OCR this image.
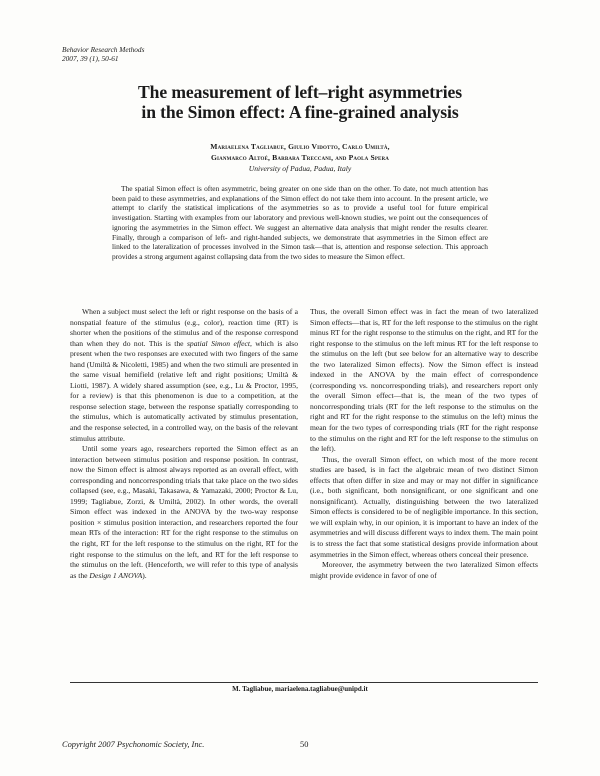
Behavior Research Methods
2007, 39 (1), 50-61
The measurement of left–right asymmetries
in the Simon effect: A fine-grained analysis
Mariaelena Tagliabue, Giulio Vidotto, Carlo Umiltà,
Gianmarco Altoé, Barbara Treccani, and Paola Spera
University of Padua, Padua, Italy

The spatial Simon effect is often asymmetric, being greater on one side than on the other. To date, not much attention has been paid to these asymmetries, and explanations of the Simon effect do not take them into account. In the present article, we attempt to clarify the statistical implications of the asymmetries so as to provide a useful tool for future empirical investigation. Starting with examples from our laboratory and previous well-known studies, we point out the consequences of ignoring the asymmetries in the Simon effect. We suggest an alternative data analysis that might render the results clearer. Finally, through a comparison of left- and right-handed subjects, we demonstrate that asymmetries in the Simon effect are linked to the lateralization of processes involved in the Simon task—that is, attention and response selection. This approach provides a strong argument against collapsing data from the two sides to measure the Simon effect.

When a subject must select the left or right response on the basis of a nonspatial feature of the stimulus (e.g., color), reaction time (RT) is shorter when the positions of the stimulus and of the response correspond than when they do not. This is the spatial Simon effect, which is also present when the two responses are executed with two fingers of the same hand (Umiltà & Nicoletti, 1985) and when the two stimuli are presented in the same visual hemifield (relative left and right positions; Umiltà & Liotti, 1987). A widely shared assumption (see, e.g., Lu & Proctor, 1995, for a review) is that this phenomenon is due to a competition, at the response selection stage, between the response spatially corresponding to the stimulus, which is automatically activated by stimulus presentation, and the response selected, in a controlled way, on the basis of the relevant stimulus attribute.

Until some years ago, researchers reported the Simon effect as an interaction between stimulus position and response position. In contrast, now the Simon effect is almost always reported as an overall effect, with corresponding and noncorresponding trials that take place on the two sides collapsed (see, e.g., Masaki, Takasawa, & Yamazaki, 2000; Proctor & Lu, 1999; Tagliabue, Zorzi, & Umiltà, 2002). In other words, the overall Simon effect was indexed in the ANOVA by the two-way response position × stimulus position interaction, and researchers reported the four mean RTs of the interaction: RT for the right response to the stimulus on the right, RT for the left response to the stimulus on the right, RT for the right response to the stimulus on the left, and RT for the left response to the stimulus on the left. (Henceforth, we will refer to this type of analysis as the Design 1 ANOVA).

Thus, the overall Simon effect was in fact the mean of two lateralized Simon effects—that is, RT for the left response to the stimulus on the right minus RT for the right response to the stimulus on the right, and RT for the right response to the stimulus on the left minus RT for the left response to the stimulus on the left (but see below for an alternative way to describe the two lateralized Simon effects). Now the Simon effect is instead indexed in the ANOVA by the main effect of correspondence (corresponding vs. noncorresponding trials), and researchers report only the overall Simon effect—that is, the mean of the two types of noncorresponding trials (RT for the left response to the stimulus on the right and RT for the right response to the stimulus on the left) minus the mean for the two types of corresponding trials (RT for the right response to the stimulus on the right and RT for the left response to the stimulus on the left).

Thus, the overall Simon effect, on which most of the more recent studies are based, is in fact the algebraic mean of two distinct Simon effects that often differ in size and may or may not differ in significance (i.e., both significant, both nonsignificant, or one significant and one nonsignificant). Actually, distinguishing between the two lateralized Simon effects is considered to be of negligible importance. In this section, we will explain why, in our opinion, it is important to have an index of the asymmetries and will discuss different ways to index them. The main point is to stress the fact that some statistical designs provide information about asymmetries in the Simon effect, whereas others conceal their presence.

Moreover, the asymmetry between the two lateralized Simon effects might provide evidence in favor of one of

M. Tagliabue, mariaelena.tagliabue@unipd.it
Copyright 2007 Psychonomic Society, Inc.	50
